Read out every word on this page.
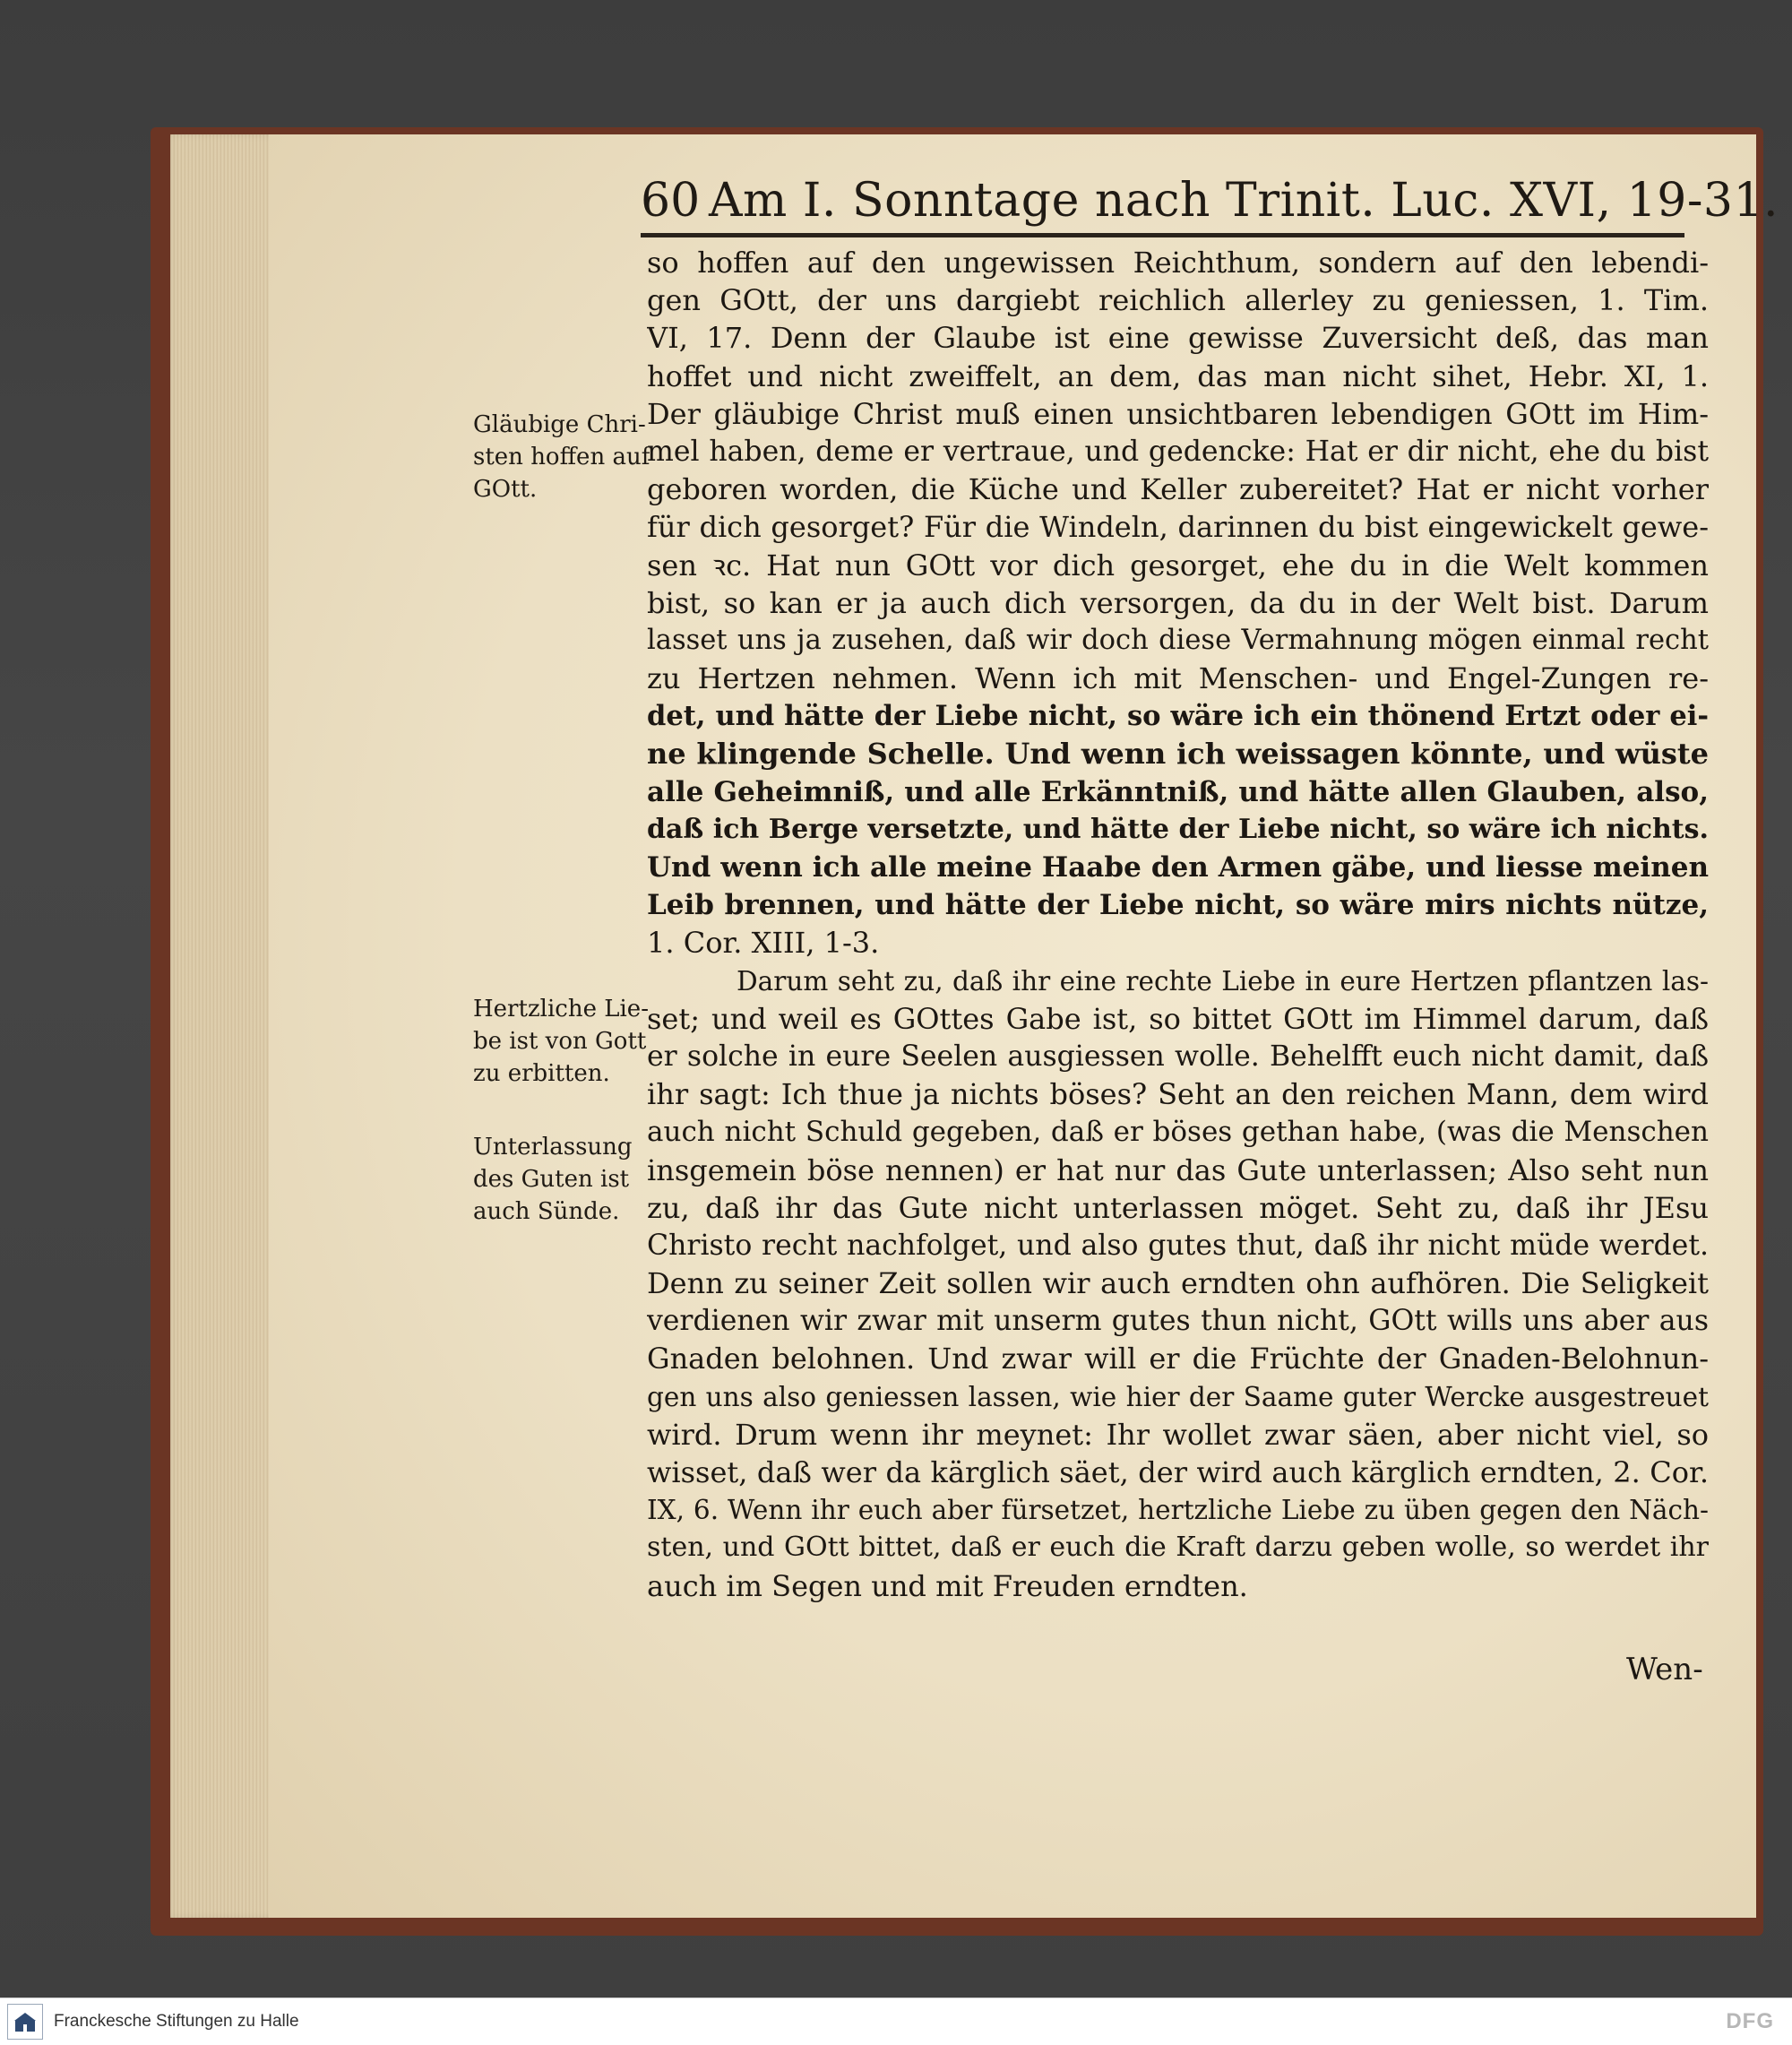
60 Am I. Sonntage nach Trinit. Luc. XVI, 19-31.
so hoffen auf den ungewissen Reichthum, sondern auf den lebendi-
gen GOtt, der uns dargiebt reichlich allerley zu geniessen, 1. Tim.
VI, 17. Denn der Glaube ist eine gewisse Zuversicht deß, das man
hoffet und nicht zweiffelt, an dem, das man nicht sihet, Hebr. XI, 1.
Der gläubige Christ muß einen unsichtbaren lebendigen GOtt im Him-
mel haben, deme er vertraue, und gedencke: Hat er dir nicht, ehe du bist
geboren worden, die Küche und Keller zubereitet? Hat er nicht vorher
für dich gesorget? Für die Windeln, darinnen du bist eingewickelt gewe-
sen ꝛc. Hat nun GOtt vor dich gesorget, ehe du in die Welt kommen
bist, so kan er ja auch dich versorgen, da du in der Welt bist. Darum
lasset uns ja zusehen, daß wir doch diese Vermahnung mögen einmal recht
zu Hertzen nehmen. Wenn ich mit Menschen- und Engel-Zungen re-
det, und hätte der Liebe nicht, so wäre ich ein thönend Ertzt oder ei-
ne klingende Schelle. Und wenn ich weissagen könnte, und wüste
alle Geheimniß, und alle Erkänntniß, und hätte allen Glauben, also,
daß ich Berge versetzte, und hätte der Liebe nicht, so wäre ich nichts.
Und wenn ich alle meine Haabe den Armen gäbe, und liesse meinen
Leib brennen, und hätte der Liebe nicht, so wäre mirs nichts nütze,
1. Cor. XIII, 1-3.
Darum seht zu, daß ihr eine rechte Liebe in eure Hertzen pflantzen las-
set; und weil es GOttes Gabe ist, so bittet GOtt im Himmel darum, daß
er solche in eure Seelen ausgiessen wolle. Behelfft euch nicht damit, daß
ihr sagt: Ich thue ja nichts böses? Seht an den reichen Mann, dem wird
auch nicht Schuld gegeben, daß er böses gethan habe, (was die Menschen
insgemein böse nennen) er hat nur das Gute unterlassen; Also seht nun
zu, daß ihr das Gute nicht unterlassen möget. Seht zu, daß ihr JEsu
Christo recht nachfolget, und also gutes thut, daß ihr nicht müde werdet.
Denn zu seiner Zeit sollen wir auch erndten ohn aufhören. Die Seligkeit
verdienen wir zwar mit unserm gutes thun nicht, GOtt wills uns aber aus
Gnaden belohnen. Und zwar will er die Früchte der Gnaden-Belohnun-
gen uns also geniessen lassen, wie hier der Saame guter Wercke ausgestreuet
wird. Drum wenn ihr meynet: Ihr wollet zwar säen, aber nicht viel, so
wisset, daß wer da kärglich säet, der wird auch kärglich erndten, 2. Cor.
IX, 6. Wenn ihr euch aber fürsetzet, hertzliche Liebe zu üben gegen den Näch-
sten, und GOtt bittet, daß er euch die Kraft darzu geben wolle, so werdet ihr
auch im Segen und mit Freuden erndten.
Gläubige Chri-
sten hoffen auf
GOtt.
Hertzliche Lie-
be ist von Gott
zu erbitten.
Unterlassung
des Guten ist
auch Sünde.
Wen-
Franckesche Stiftungen zu Halle	DFG
